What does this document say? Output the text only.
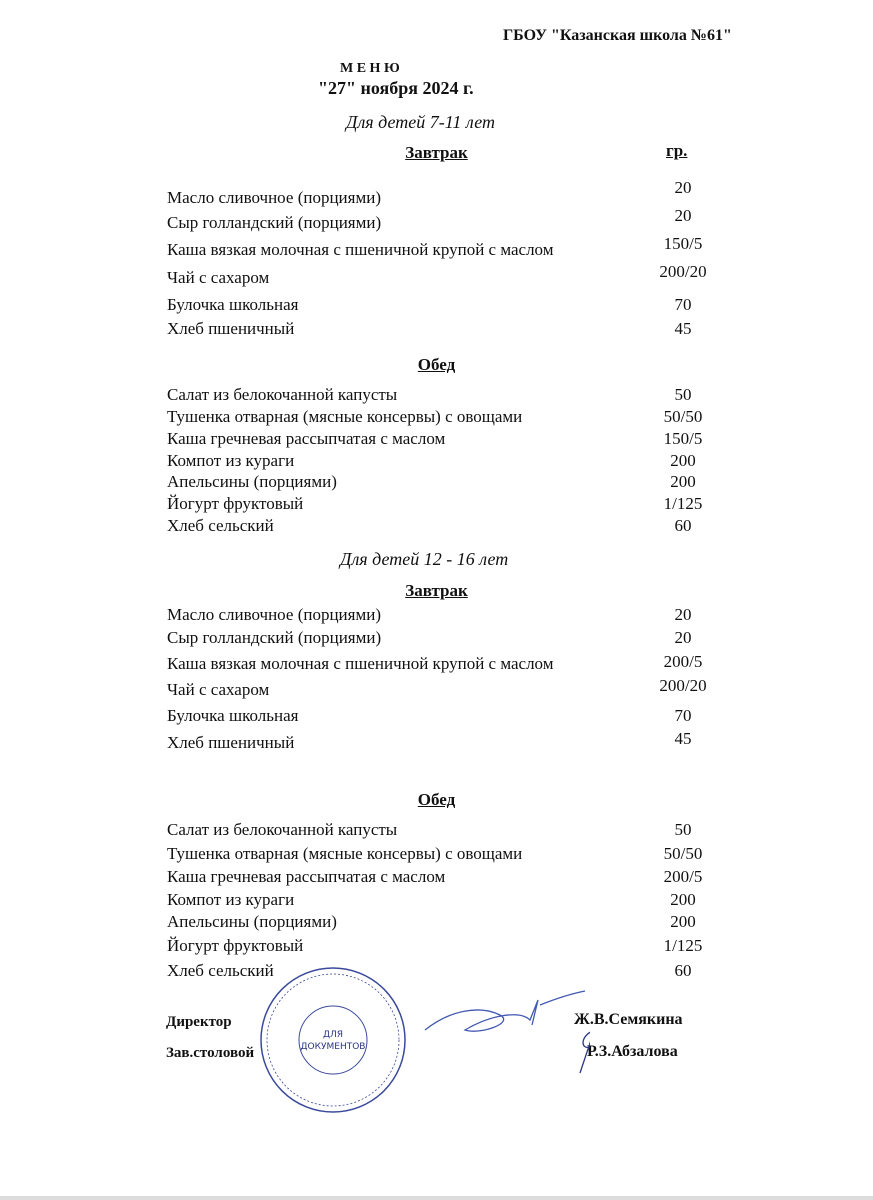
ГБОУ "Казанская школа №61"
М Е Н Ю
"27" ноября 2024 г.
Для детей 7-11 лет
гр.
Для детей 12 - 16 лет
Завтрак
Масло сливочное (порциями)
20
Сыр голландский (порциями)	20
Каша вязкая молочная с пшеничной крупой с маслом	150/5
Чай с сахаром	200/20
Булочка школьная	70
Хлеб пшеничный	45
Обед
Салат из белокочанной капусты	50
Тушенка отварная (мясные консервы) с овощами	50/50
Каша гречневая рассыпчатая с маслом	150/5
Компот из кураги	200
Апельсины (порциями)	200
Йогурт фруктовый	1/125
Хлеб сельский	60
Завтрак
Масло сливочное (порциями)	20
Сыр голландский (порциями)	20
Каша вязкая молочная с пшеничной крупой с маслом	200/5
Чай с сахаром	200/20
Булочка школьная	70
Хлеб пшеничный	45
Обед
Салат из белокочанной капусты	50
Тушенка отварная (мясные консервы) с овощами	50/50
Каша гречневая рассыпчатая с маслом	200/5
Компот из кураги	200
Апельсины (порциями)	200
Йогурт фруктовый	1/125
Хлеб сельский	60
Директор	Ж.В.Семякина
Зав.столовой	Р.З.Абзалова
ДЛЯ
ДОКУМЕНТОВ
